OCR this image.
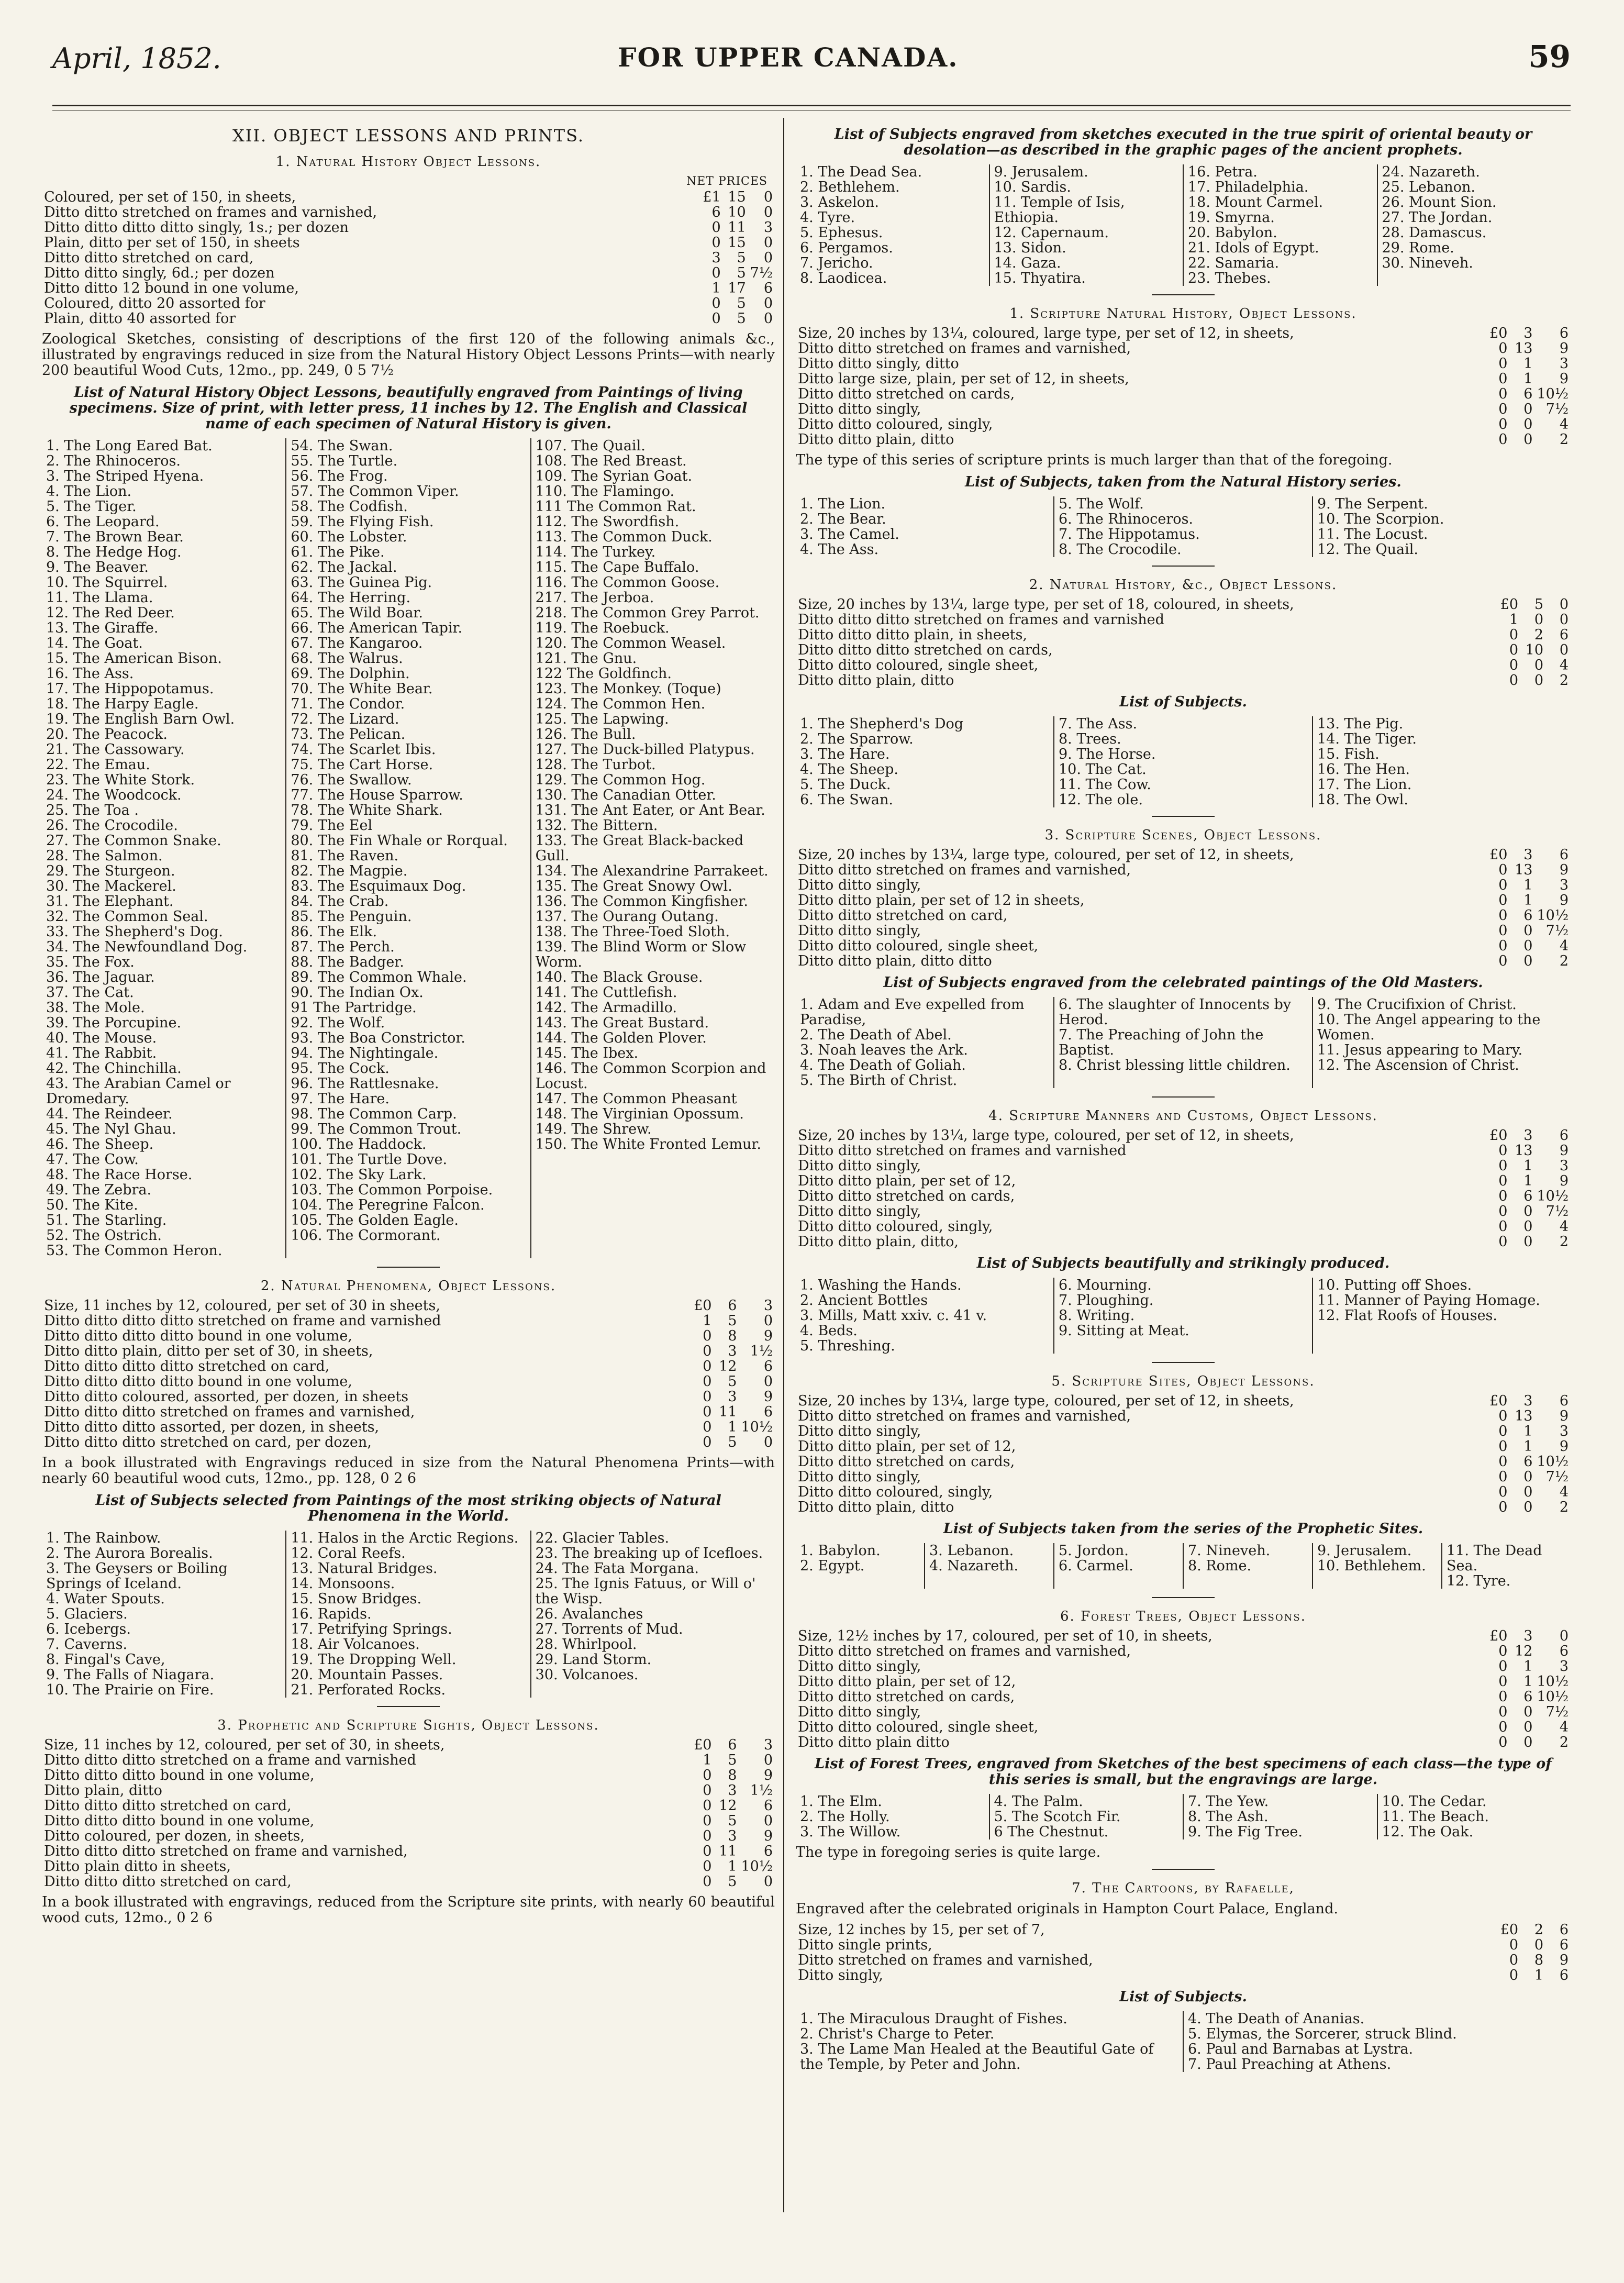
April, 1852.	FOR UPPER CANADA.	59
XII. OBJECT LESSONS AND PRINTS.
1. Natural History Object Lessons.
NET PRICES
Coloured, per set of 150, in sheets,	£1	15	0
Ditto ditto stretched on frames and varnished,	6	10	0
Ditto ditto ditto ditto singly, 1s.; per dozen	0	11	3
Plain, ditto per set of 150, in sheets	0	15	0
Ditto ditto stretched on card,	3	5	0
Ditto ditto singly, 6d.; per dozen	0	5	7½
Ditto ditto 12 bound in one volume,	1	17	6
Coloured, ditto 20 assorted for	0	5	0
Plain, ditto 40 assorted for	0	5	0
Zoological Sketches, consisting of descriptions of the first 120 of the following animals &c., illustrated by engravings reduced in size from the Natural History Object Lessons Prints—with nearly 200 beautiful Wood Cuts, 12mo., pp. 249, 0 5 7½
List of Natural History Object Lessons, beautifully engraved from Paintings of living specimens. Size of print, with letter press, 11 inches by 12. The English and Classical name of each specimen of Natural History is given.
1. The Long Eared Bat.
2. The Rhinoceros.
3. The Striped Hyena.
4. The Lion.
5. The Tiger.
6. The Leopard.
7. The Brown Bear.
8. The Hedge Hog.
9. The Beaver.
10. The Squirrel.
11. The Llama.
12. The Red Deer.
13. The Giraffe.
14. The Goat.
15. The American Bison.
16. The Ass.
17. The Hippopotamus.
18. The Harpy Eagle.
19. The English Barn Owl.
20. The Peacock.
21. The Cassowary.
22. The Emau.
23. The White Stork.
24. The Woodcock.
25. The Toa .
26. The Crocodile.
27. The Common Snake.
28. The Salmon.
29. The Sturgeon.
30. The Mackerel.
31. The Elephant.
32. The Common Seal.
33. The Shepherd's Dog.
34. The Newfoundland Dog.
35. The Fox.
36. The Jaguar.
37. The Cat.
38. The Mole.
39. The Porcupine.
40. The Mouse.
41. The Rabbit.
42. The Chinchilla.
43. The Arabian Camel or Dromedary.
44. The Reindeer.
45. The Nyl Ghau.
46. The Sheep.
47. The Cow.
48. The Race Horse.
49. The Zebra.
50. The Kite.
51. The Starling.
52. The Ostrich.
53. The Common Heron.
54. The Swan.
55. The Turtle.
56. The Frog.
57. The Common Viper.
58. The Codfish.
59. The Flying Fish.
60. The Lobster.
61. The Pike.
62. The Jackal.
63. The Guinea Pig.
64. The Herring.
65. The Wild Boar.
66. The American Tapir.
67. The Kangaroo.
68. The Walrus.
69. The Dolphin.
70. The White Bear.
71. The Condor.
72. The Lizard.
73. The Pelican.
74. The Scarlet Ibis.
75. The Cart Horse.
76. The Swallow.
77. The House Sparrow.
78. The White Shark.
79. The Eel
80. The Fin Whale or Rorqual.
81. The Raven.
82. The Magpie.
83. The Esquimaux Dog.
84. The Crab.
85. The Penguin.
86. The Elk.
87. The Perch.
88. The Badger.
89. The Common Whale.
90. The Indian Ox.
91 The Partridge.
92. The Wolf.
93. The Boa Constrictor.
94. The Nightingale.
95. The Cock.
96. The Rattlesnake.
97. The Hare.
98. The Common Carp.
99. The Common Trout.
100. The Haddock.
101. The Turtle Dove.
102. The Sky Lark.
103. The Common Porpoise.
104. The Peregrine Falcon.
105. The Golden Eagle.
106. The Cormorant.
107. The Quail.
108. The Red Breast.
109. The Syrian Goat.
110. The Flamingo.
111 The Common Rat.
112. The Swordfish.
113. The Common Duck.
114. The Turkey.
115. The Cape Buffalo.
116. The Common Goose.
217. The Jerboa.
218. The Common Grey Parrot.
119. The Roebuck.
120. The Common Weasel.
121. The Gnu.
122 The Goldfinch.
123. The Monkey. (Toque)
124. The Common Hen.
125. The Lapwing.
126. The Bull.
127. The Duck-billed Platypus.
128. The Turbot.
129. The Common Hog.
130. The Canadian Otter.
131. The Ant Eater, or Ant Bear.
132. The Bittern.
133. The Great Black-backed Gull.
134. The Alexandrine Parrakeet.
135. The Great Snowy Owl.
136. The Common Kingfisher.
137. The Ourang Outang.
138. The Three-Toed Sloth.
139. The Blind Worm or Slow Worm.
140. The Black Grouse.
141. The Cuttlefish.
142. The Armadillo.
143. The Great Bustard.
144. The Golden Plover.
145. The Ibex.
146. The Common Scorpion and Locust.
147. The Common Pheasant
148. The Virginian Opossum.
149. The Shrew.
150. The White Fronted Lemur.
2. Natural Phenomena, Object Lessons.
Size, 11 inches by 12, coloured, per set of 30 in sheets,	£0	6	3
Ditto ditto ditto ditto stretched on frame and varnished	1	5	0
Ditto ditto ditto ditto bound in one volume,	0	8	9
Ditto ditto plain, ditto per set of 30, in sheets,	0	3	1½
Ditto ditto ditto ditto stretched on card,	0	12	6
Ditto ditto ditto ditto bound in one volume,	0	5	0
Ditto ditto coloured, assorted, per dozen, in sheets	0	3	9
Ditto ditto ditto stretched on frames and varnished,	0	11	6
Ditto ditto ditto assorted, per dozen, in sheets,	0	1	10½
Ditto ditto ditto stretched on card, per dozen,	0	5	0
In a book illustrated with Engravings reduced in size from the Natural Phenomena Prints—with nearly 60 beautiful wood cuts, 12mo., pp. 128, 0 2 6
List of Subjects selected from Paintings of the most striking objects of Natural Phenomena in the World.
1. The Rainbow.
2. The Aurora Borealis.
3. The Geysers or Boiling Springs of Iceland.
4. Water Spouts.
5. Glaciers.
6. Icebergs.
7. Caverns.
8. Fingal's Cave,
9. The Falls of Niagara.
10. The Prairie on Fire.
11. Halos in the Arctic Regions.
12. Coral Reefs.
13. Natural Bridges.
14. Monsoons.
15. Snow Bridges.
16. Rapids.
17. Petrifying Springs.
18. Air Volcanoes.
19. The Dropping Well.
20. Mountain Passes.
21. Perforated Rocks.
22. Glacier Tables.
23. The breaking up of Icefloes.
24. The Fata Morgana.
25. The Ignis Fatuus, or Will o' the Wisp.
26. Avalanches
27. Torrents of Mud.
28. Whirlpool.
29. Land Storm.
30. Volcanoes.
3. Prophetic and Scripture Sights, Object Lessons.
Size, 11 inches by 12, coloured, per set of 30, in sheets,	£0	6	3
Ditto ditto ditto stretched on a frame and varnished	1	5	0
Ditto ditto ditto bound in one volume,	0	8	9
Ditto plain, ditto	0	3	1½
Ditto ditto ditto stretched on card,	0	12	6
Ditto ditto ditto bound in one volume,	0	5	0
Ditto coloured, per dozen, in sheets,	0	3	9
Ditto ditto ditto stretched on frame and varnished,	0	11	6
Ditto plain ditto in sheets,	0	1	10½
Ditto ditto ditto stretched on card,	0	5	0
In a book illustrated with engravings, reduced from the Scripture site prints, with nearly 60 beautiful wood cuts, 12mo., 0 2 6
List of Subjects engraved from sketches executed in the true spirit of oriental beauty or desolation—as described in the graphic pages of the ancient prophets.
1. The Dead Sea.
2. Bethlehem.
3. Askelon.
4. Tyre.
5. Ephesus.
6. Pergamos.
7. Jericho.
8. Laodicea.
9. Jerusalem.
10. Sardis.
11. Temple of Isis, Ethiopia.
12. Capernaum.
13. Sidon.
14. Gaza.
15. Thyatira.
16. Petra.
17. Philadelphia.
18. Mount Carmel.
19. Smyrna.
20. Babylon.
21. Idols of Egypt.
22. Samaria.
23. Thebes.
24. Nazareth.
25. Lebanon.
26. Mount Sion.
27. The Jordan.
28. Damascus.
29. Rome.
30. Nineveh.
1. Scripture Natural History, Object Lessons.
Size, 20 inches by 13¼, coloured, large type, per set of 12, in sheets,	£0	3	6
Ditto ditto stretched on frames and varnished,	0	13	9
Ditto ditto singly, ditto	0	1	3
Ditto large size, plain, per set of 12, in sheets,	0	1	9
Ditto ditto stretched on cards,	0	6	10½
Ditto ditto singly,	0	0	7½
Ditto ditto coloured, singly,	0	0	4
Ditto ditto plain, ditto	0	0	2
The type of this series of scripture prints is much larger than that of the foregoing.
List of Subjects, taken from the Natural History series.
1. The Lion.
2. The Bear.
3. The Camel.
4. The Ass.
5. The Wolf.
6. The Rhinoceros.
7. The Hippotamus.
8. The Crocodile.
9. The Serpent.
10. The Scorpion.
11. The Locust.
12. The Quail.
2. Natural History, &c., Object Lessons.
Size, 20 inches by 13¼, large type, per set of 18, coloured, in sheets,	£0	5	0
Ditto ditto ditto stretched on frames and varnished	1	0	0
Ditto ditto ditto plain, in sheets,	0	2	6
Ditto ditto ditto stretched on cards,	0	10	0
Ditto ditto coloured, single sheet,	0	0	4
Ditto ditto plain, ditto	0	0	2
List of Subjects.
1. The Shepherd's Dog
2. The Sparrow.
3. The Hare.
4. The Sheep.
5. The Duck.
6. The Swan.
7. The Ass.
8. Trees.
9. The Horse.
10. The Cat.
11. The Cow.
12. The ole.
13. The Pig.
14. The Tiger.
15. Fish.
16. The Hen.
17. The Lion.
18. The Owl.
3. Scripture Scenes, Object Lessons.
Size, 20 inches by 13¼, large type, coloured, per set of 12, in sheets,	£0	3	6
Ditto ditto stretched on frames and varnished,	0	13	9
Ditto ditto singly,	0	1	3
Ditto ditto plain, per set of 12 in sheets,	0	1	9
Ditto ditto stretched on card,	0	6	10½
Ditto ditto singly,	0	0	7½
Ditto ditto coloured, single sheet,	0	0	4
Ditto ditto plain, ditto ditto	0	0	2
List of Subjects engraved from the celebrated paintings of the Old Masters.
1. Adam and Eve expelled from Paradise,
2. The Death of Abel.
3. Noah leaves the Ark.
4. The Death of Goliah.
5. The Birth of Christ.
6. The slaughter of Innocents by Herod.
7. The Preaching of John the Baptist.
8. Christ blessing little children.
9. The Crucifixion of Christ.
10. The Angel appearing to the Women.
11. Jesus appearing to Mary.
12. The Ascension of Christ.
4. Scripture Manners and Customs, Object Lessons.
Size, 20 inches by 13¼, large type, coloured, per set of 12, in sheets,	£0	3	6
Ditto ditto stretched on frames and varnished	0	13	9
Ditto ditto singly,	0	1	3
Ditto ditto plain, per set of 12,	0	1	9
Ditto ditto stretched on cards,	0	6	10½
Ditto ditto singly,	0	0	7½
Ditto ditto coloured, singly,	0	0	4
Ditto ditto plain, ditto,	0	0	2
List of Subjects beautifully and strikingly produced.
1. Washing the Hands.
2. Ancient Bottles
3. Mills, Matt xxiv. c. 41 v.
4. Beds.
5. Threshing.
6. Mourning.
7. Ploughing.
8. Writing.
9. Sitting at Meat.
10. Putting off Shoes.
11. Manner of Paying Homage.
12. Flat Roofs of Houses.
5. Scripture Sites, Object Lessons.
Size, 20 inches by 13¼, large type, coloured, per set of 12, in sheets,	£0	3	6
Ditto ditto stretched on frames and varnished,	0	13	9
Ditto ditto singly,	0	1	3
Ditto ditto plain, per set of 12,	0	1	9
Ditto ditto stretched on cards,	0	6	10½
Ditto ditto singly,	0	0	7½
Ditto ditto coloured, singly,	0	0	4
Ditto ditto plain, ditto	0	0	2
List of Subjects taken from the series of the Prophetic Sites.
1. Babylon.
2. Egypt.
3. Lebanon.
4. Nazareth.
5. Jordon.
6. Carmel.
7. Nineveh.
8. Rome.
9. Jerusalem.
10. Bethlehem.
11. The Dead Sea.
12. Tyre.
6. Forest Trees, Object Lessons.
Size, 12½ inches by 17, coloured, per set of 10, in sheets,	£0	3	0
Ditto ditto stretched on frames and varnished,	0	12	6
Ditto ditto singly,	0	1	3
Ditto ditto plain, per set of 12,	0	1	10½
Ditto ditto stretched on cards,	0	6	10½
Ditto ditto singly,	0	0	7½
Ditto ditto coloured, single sheet,	0	0	4
Ditto ditto plain ditto	0	0	2
List of Forest Trees, engraved from Sketches of the best specimens of each class—the type of this series is small, but the engravings are large.
1. The Elm.
2. The Holly.
3. The Willow.
4. The Palm.
5. The Scotch Fir.
6 The Chestnut.
7. The Yew.
8. The Ash.
9. The Fig Tree.
10. The Cedar.
11. The Beach.
12. The Oak.
The type in foregoing series is quite large.
7. The Cartoons, by Rafaelle,
Engraved after the celebrated originals in Hampton Court Palace, England.
Size, 12 inches by 15, per set of 7,	£0	2	6
Ditto single prints,	0	0	6
Ditto stretched on frames and varnished,	0	8	9
Ditto singly,	0	1	6
List of Subjects.
1. The Miraculous Draught of Fishes.
2. Christ's Charge to Peter.
3. The Lame Man Healed at the Beautiful Gate of the Temple, by Peter and John.
4. The Death of Ananias.
5. Elymas, the Sorcerer, struck Blind.
6. Paul and Barnabas at Lystra.
7. Paul Preaching at Athens.
